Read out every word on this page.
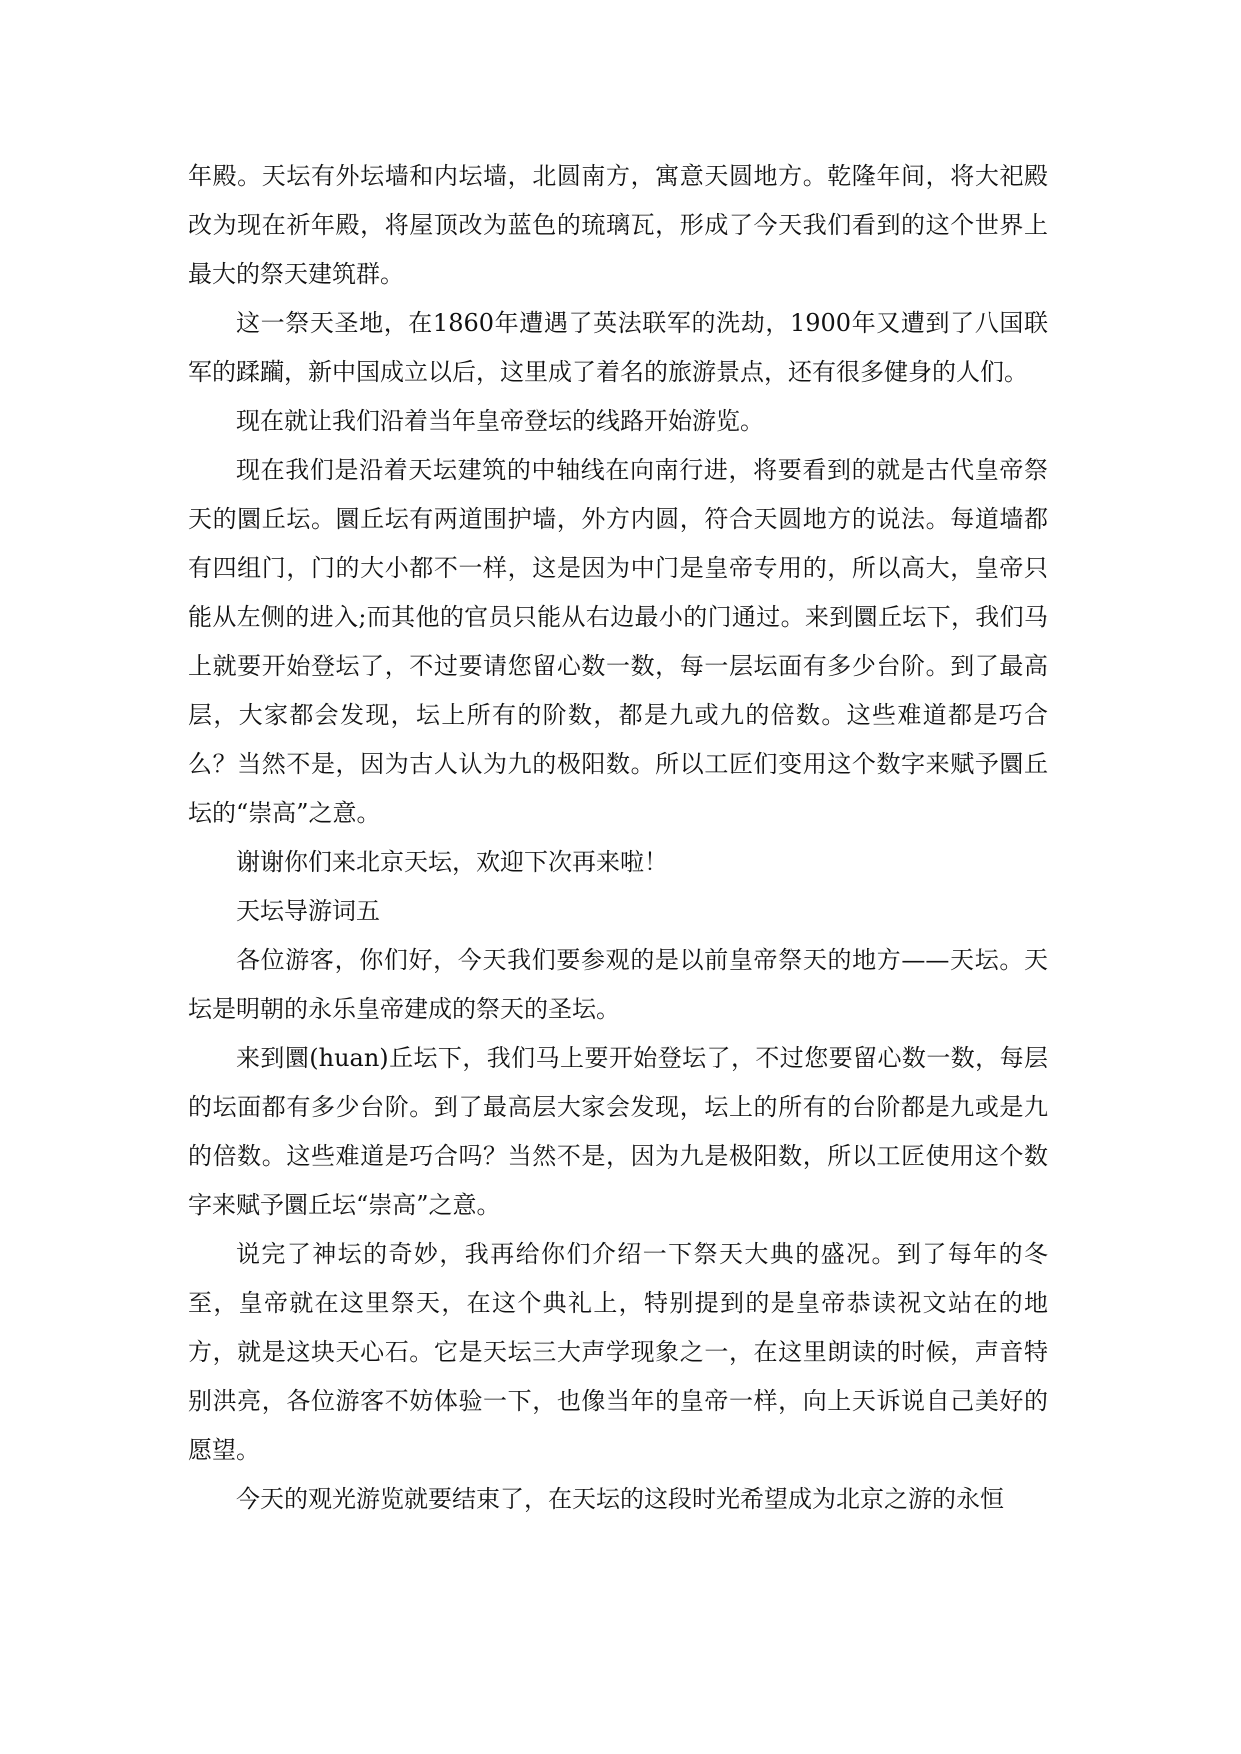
年殿。天坛有外坛墙和内坛墙，北圆南方，寓意天圆地方。乾隆年间，将大祀殿改为现在祈年殿，将屋顶改为蓝色的琉璃瓦，形成了今天我们看到的这个世界上最大的祭天建筑群。

这一祭天圣地，在1860年遭遇了英法联军的洗劫，1900年又遭到了八国联军的蹂躏，新中国成立以后，这里成了着名的旅游景点，还有很多健身的人们。

现在就让我们沿着当年皇帝登坛的线路开始游览。

现在我们是沿着天坛建筑的中轴线在向南行进，将要看到的就是古代皇帝祭天的圜丘坛。圜丘坛有两道围护墙，外方内圆，符合天圆地方的说法。每道墙都有四组门，门的大小都不一样，这是因为中门是皇帝专用的，所以高大，皇帝只能从左侧的进入;而其他的官员只能从右边最小的门通过。来到圜丘坛下，我们马上就要开始登坛了，不过要请您留心数一数，每一层坛面有多少台阶。到了最高层，大家都会发现，坛上所有的阶数，都是九或九的倍数。这些难道都是巧合么？当然不是，因为古人认为九的极阳数。所以工匠们变用这个数字来赋予圜丘坛的“崇高”之意。

谢谢你们来北京天坛，欢迎下次再来啦！

天坛导游词五

各位游客，你们好，今天我们要参观的是以前皇帝祭天的地方——天坛。天坛是明朝的永乐皇帝建成的祭天的圣坛。

来到圜(huan)丘坛下，我们马上要开始登坛了，不过您要留心数一数，每层的坛面都有多少台阶。到了最高层大家会发现，坛上的所有的台阶都是九或是九的倍数。这些难道是巧合吗？当然不是，因为九是极阳数，所以工匠使用这个数字来赋予圜丘坛“崇高”之意。

说完了神坛的奇妙，我再给你们介绍一下祭天大典的盛况。到了每年的冬至，皇帝就在这里祭天，在这个典礼上，特别提到的是皇帝恭读祝文站在的地方，就是这块天心石。它是天坛三大声学现象之一，在这里朗读的时候，声音特别洪亮，各位游客不妨体验一下，也像当年的皇帝一样，向上天诉说自己美好的愿望。

今天的观光游览就要结束了，在天坛的这段时光希望成为北京之游的永恒
